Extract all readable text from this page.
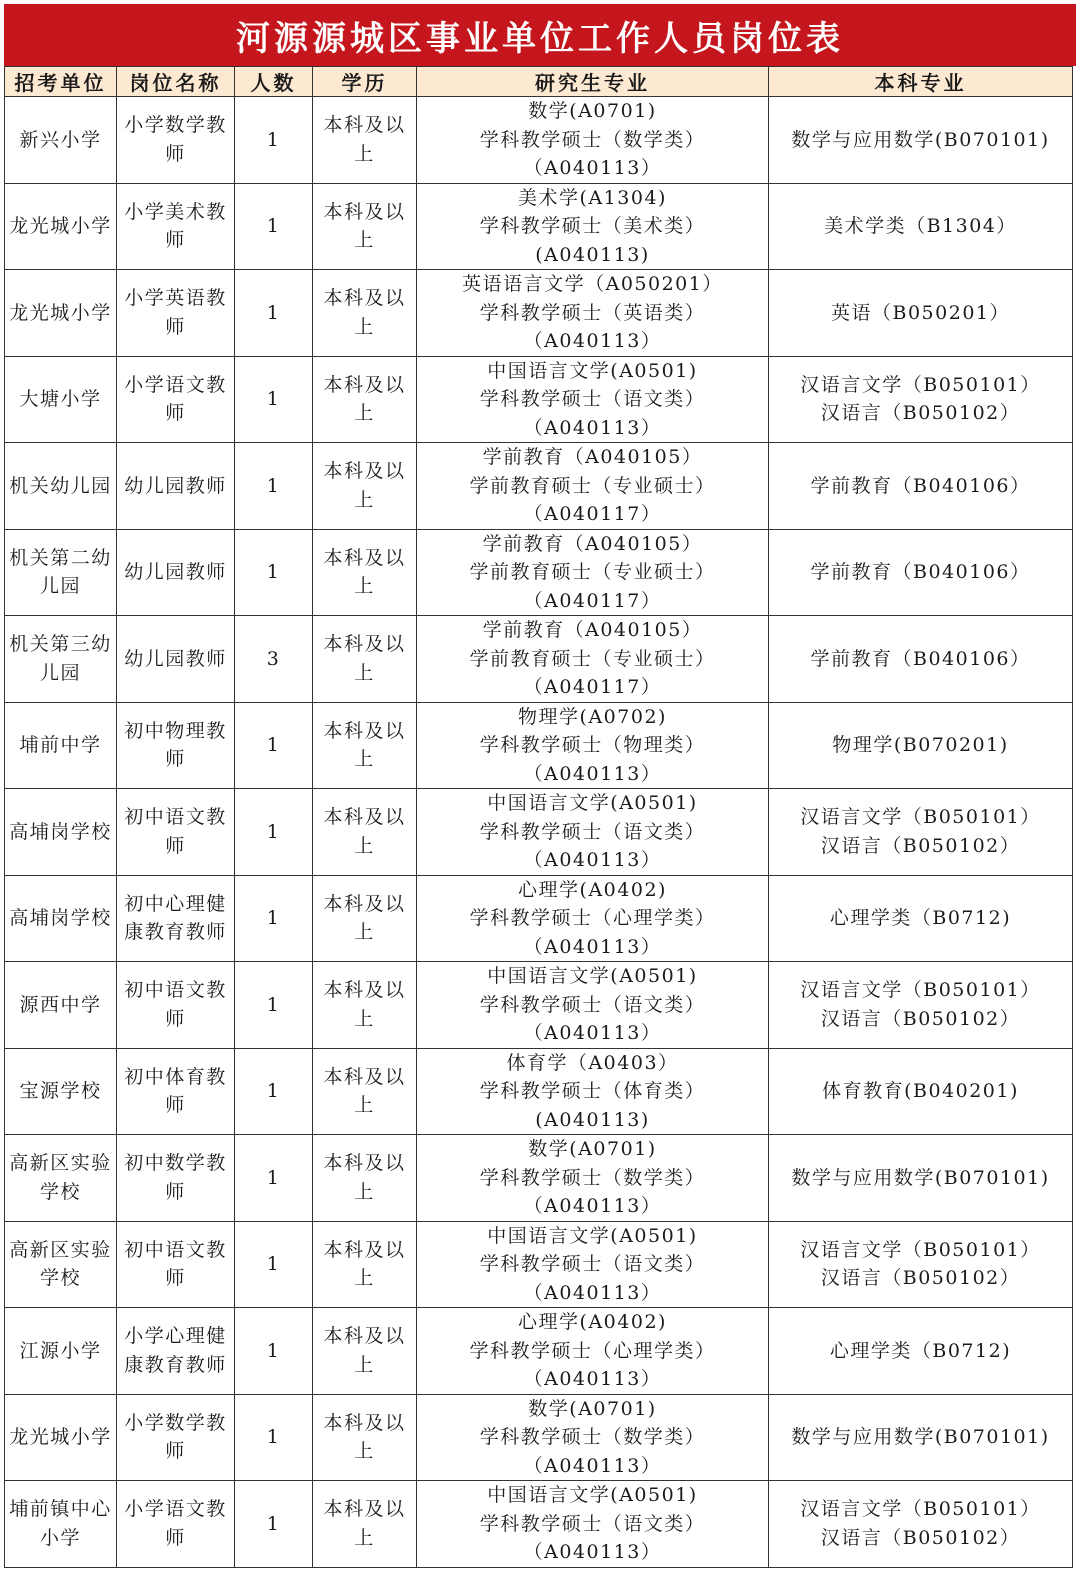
河源源城区事业单位工作人员岗位表
招考单位	岗位名称	人数	学历	研究生专业	本科专业
新兴小学	小学数学教师	1	本科及以上	数学(A0701)
学科教学硕士（数学类）
（A040113）	数学与应用数学(B070101)

龙光城小学	小学美术教师	1	本科及以上	美术学(A1304)
学科教学硕士（美术类）
(A040113)	美术学类（B1304）

龙光城小学	小学英语教师	1	本科及以上	英语语言文学（A050201）
学科教学硕士（英语类）
（A040113）	英语（B050201）

大塘小学	小学语文教师	1	本科及以上	中国语言文学(A0501)
学科教学硕士（语文类）
（A040113）	汉语言文学（B050101）
汉语言（B050102）

机关幼儿园	幼儿园教师	1	本科及以上	学前教育（A040105）
学前教育硕士（专业硕士）
（A040117）	学前教育（B040106）

机关第二幼儿园	幼儿园教师	1	本科及以上	学前教育（A040105）
学前教育硕士（专业硕士）
（A040117）	学前教育（B040106）

机关第三幼儿园	幼儿园教师	3	本科及以上	学前教育（A040105）
学前教育硕士（专业硕士）
（A040117）	学前教育（B040106）

埔前中学	初中物理教师	1	本科及以上	物理学(A0702)
学科教学硕士（物理类）
（A040113）	物理学(B070201)

高埔岗学校	初中语文教师	1	本科及以上	中国语言文学(A0501)
学科教学硕士（语文类）
（A040113）	汉语言文学（B050101）
汉语言（B050102）

高埔岗学校	初中心理健康教育教师	1	本科及以上	心理学(A0402)
学科教学硕士（心理学类）
（A040113）	心理学类（B0712)

源西中学	初中语文教师	1	本科及以上	中国语言文学(A0501)
学科教学硕士（语文类）
（A040113）	汉语言文学（B050101）
汉语言（B050102）

宝源学校	初中体育教师	1	本科及以上	体育学（A0403）
学科教学硕士（体育类）
(A040113)	体育教育(B040201)

高新区实验学校	初中数学教师	1	本科及以上	数学(A0701)
学科教学硕士（数学类）
（A040113）	数学与应用数学(B070101)

高新区实验学校	初中语文教师	1	本科及以上	中国语言文学(A0501)
学科教学硕士（语文类）
（A040113）	汉语言文学（B050101）
汉语言（B050102）

江源小学	小学心理健康教育教师	1	本科及以上	心理学(A0402)
学科教学硕士（心理学类）
（A040113）	心理学类（B0712)

龙光城小学	小学数学教师	1	本科及以上	数学(A0701)
学科教学硕士（数学类）
（A040113）	数学与应用数学(B070101)

埔前镇中心小学	小学语文教师	1	本科及以上	中国语言文学(A0501)
学科教学硕士（语文类）
（A040113）	汉语言文学（B050101）
汉语言（B050102）
